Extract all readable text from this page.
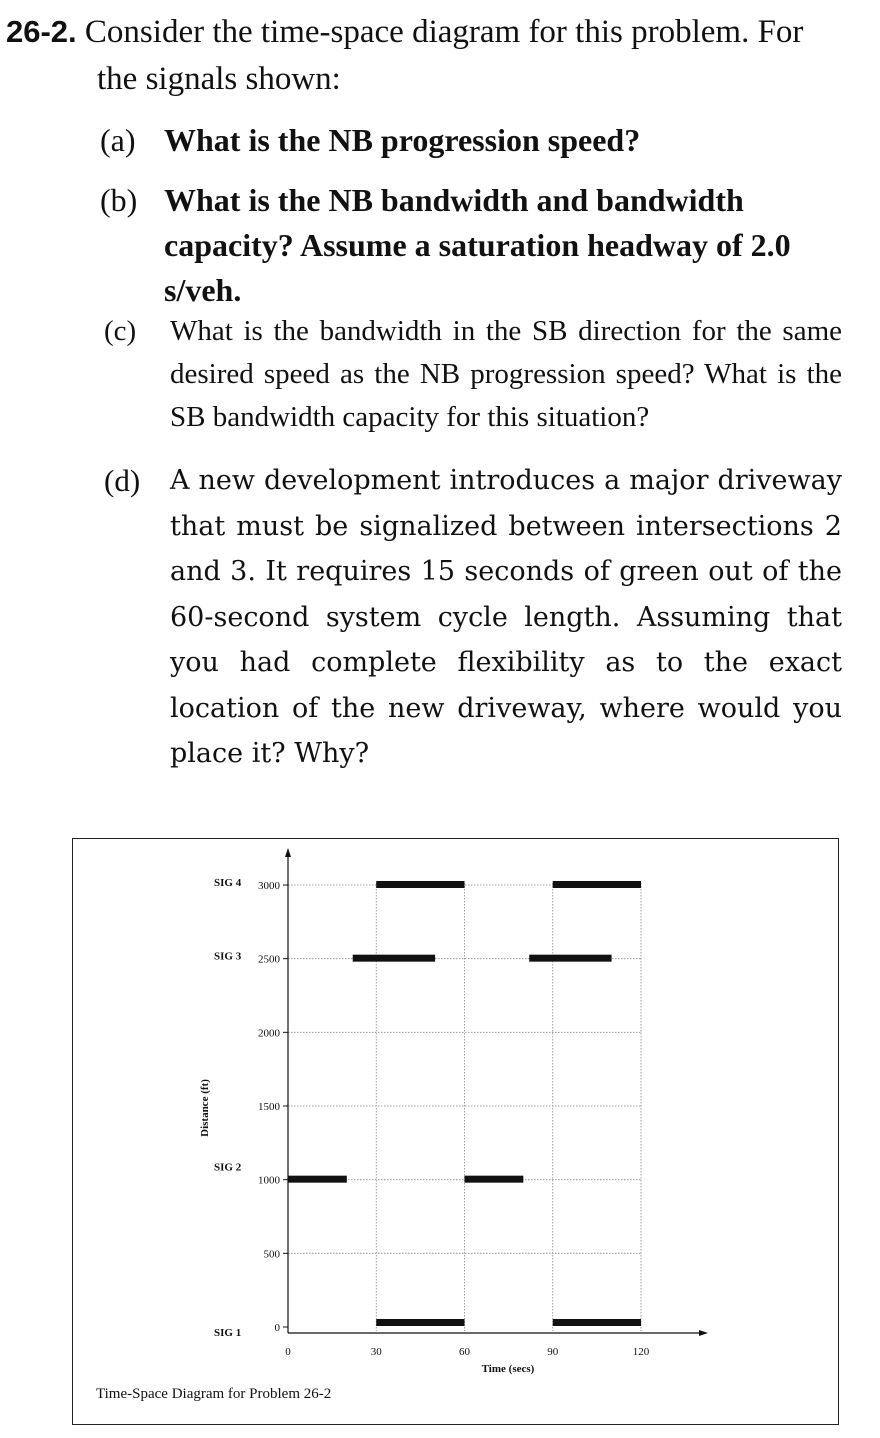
26-2. Consider the time-space diagram for this problem. For
the signals shown:
(a) What is the NB progression speed?
(b) What is the NB bandwidth and bandwidth capacity? Assume a saturation headway of 2.0 s/veh.
(c) What is the bandwidth in the SB direction for the same desired speed as the NB progression speed? What is the SB bandwidth capacity for this situation?
(d) A new development introduces a major driveway that must be signalized between intersections 2 and 3. It requires 15 seconds of green out of the 60-second system cycle length. Assuming that you had complete flexibility as to the exact location of the new driveway, where would you place it? Why?
Distance (ft)
Time (secs)
0
500
1000
1500
2000
2500
3000
0	30	60	90	120
SIG 1
SIG 2
SIG 3
SIG 4
Time-Space Diagram for Problem 26-2
